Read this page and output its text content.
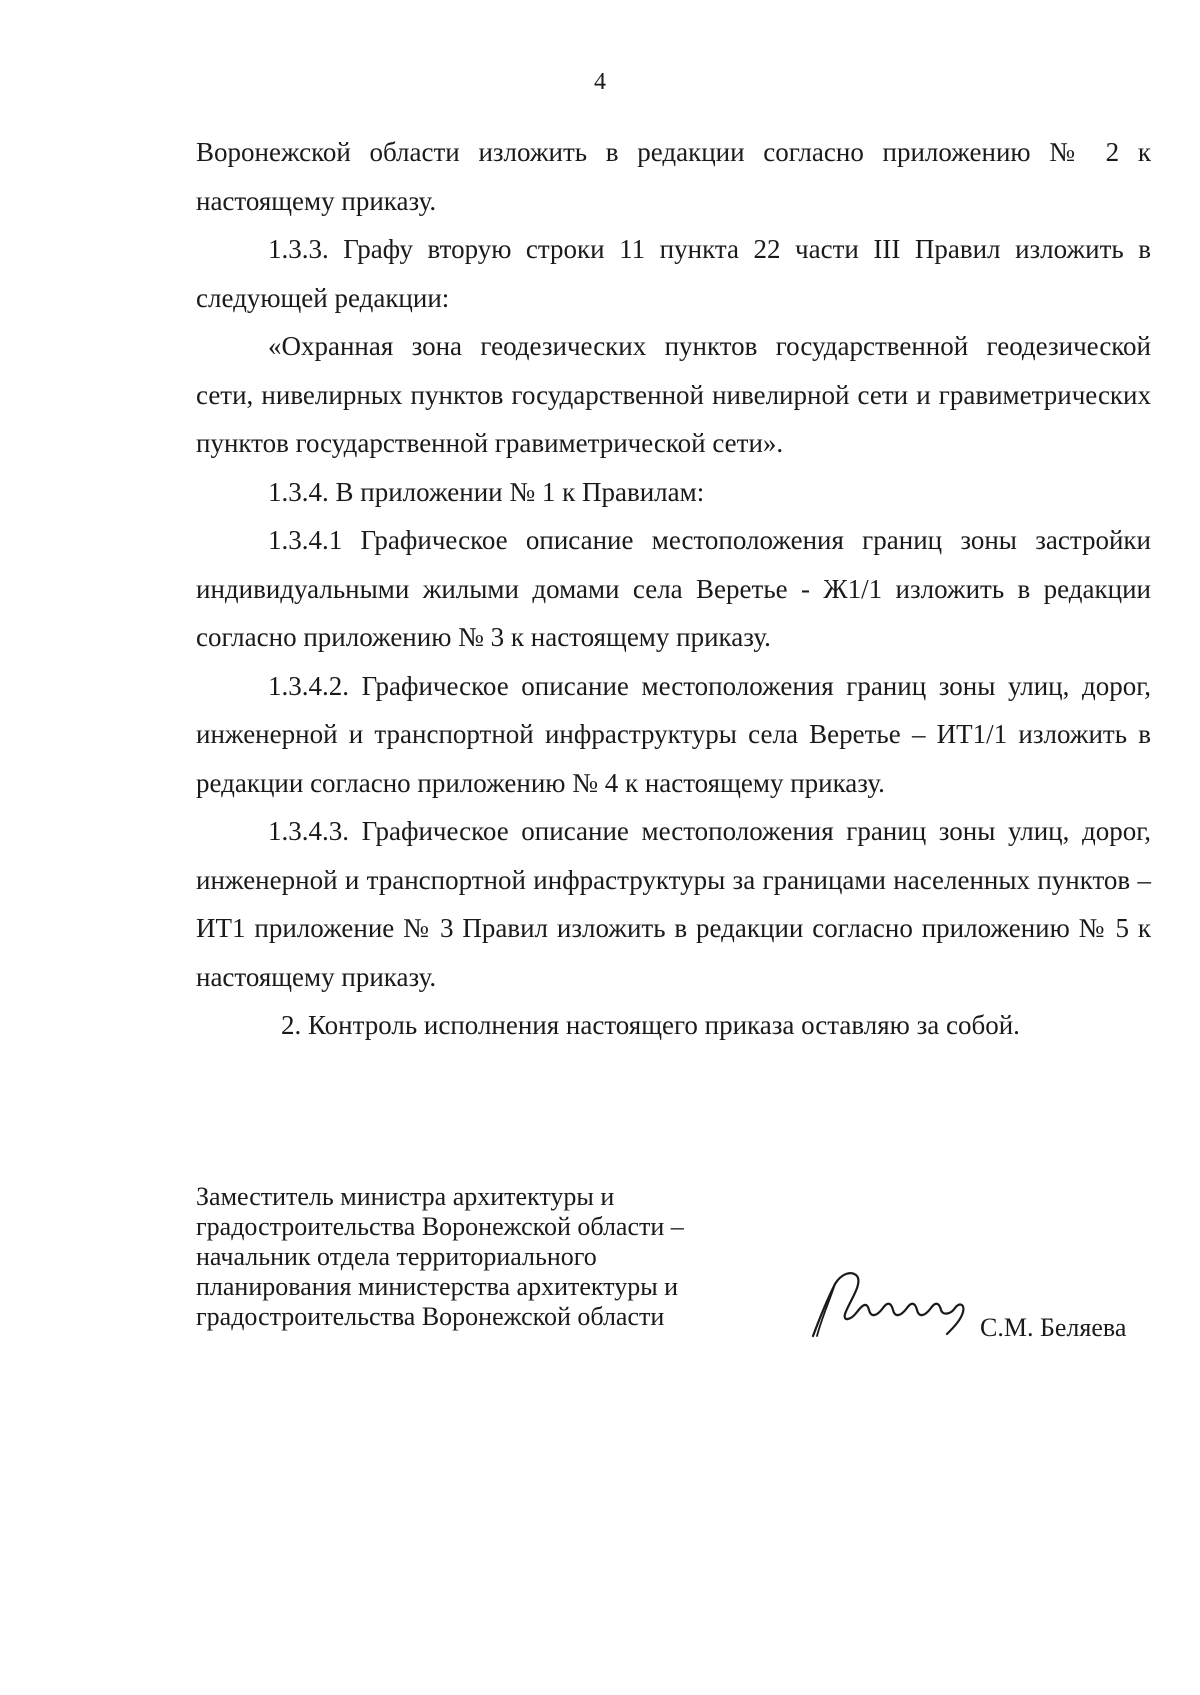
4

Воронежской области изложить в редакции согласно приложению № 2 к настоящему приказу.

1.3.3. Графу вторую строки 11 пункта 22 части III Правил изложить в следующей редакции:

«Охранная зона геодезических пунктов государственной геодезической сети, нивелирных пунктов государственной нивелирной сети и гравиметрических пунктов государственной гравиметрической сети».

1.3.4. В приложении № 1 к Правилам:

1.3.4.1 Графическое описание местоположения границ зоны застройки индивидуальными жилыми домами села Веретье - Ж1/1 изложить в редакции согласно приложению № 3 к настоящему приказу.

1.3.4.2. Графическое описание местоположения границ зоны улиц, дорог, инженерной и транспортной инфраструктуры села Веретье – ИТ1/1 изложить в редакции согласно приложению № 4 к настоящему приказу.

1.3.4.3. Графическое описание местоположения границ зоны улиц, дорог, инженерной и транспортной инфраструктуры за границами населенных пунктов – ИТ1 приложение № 3 Правил изложить в редакции согласно приложению № 5 к настоящему приказу.

2. Контроль исполнения настоящего приказа оставляю за собой.

Заместитель министра архитектуры и
градостроительства Воронежской области –
начальник отдела территориального
планирования министерства архитектуры и
градостроительства Воронежской области	С.М. Беляева
